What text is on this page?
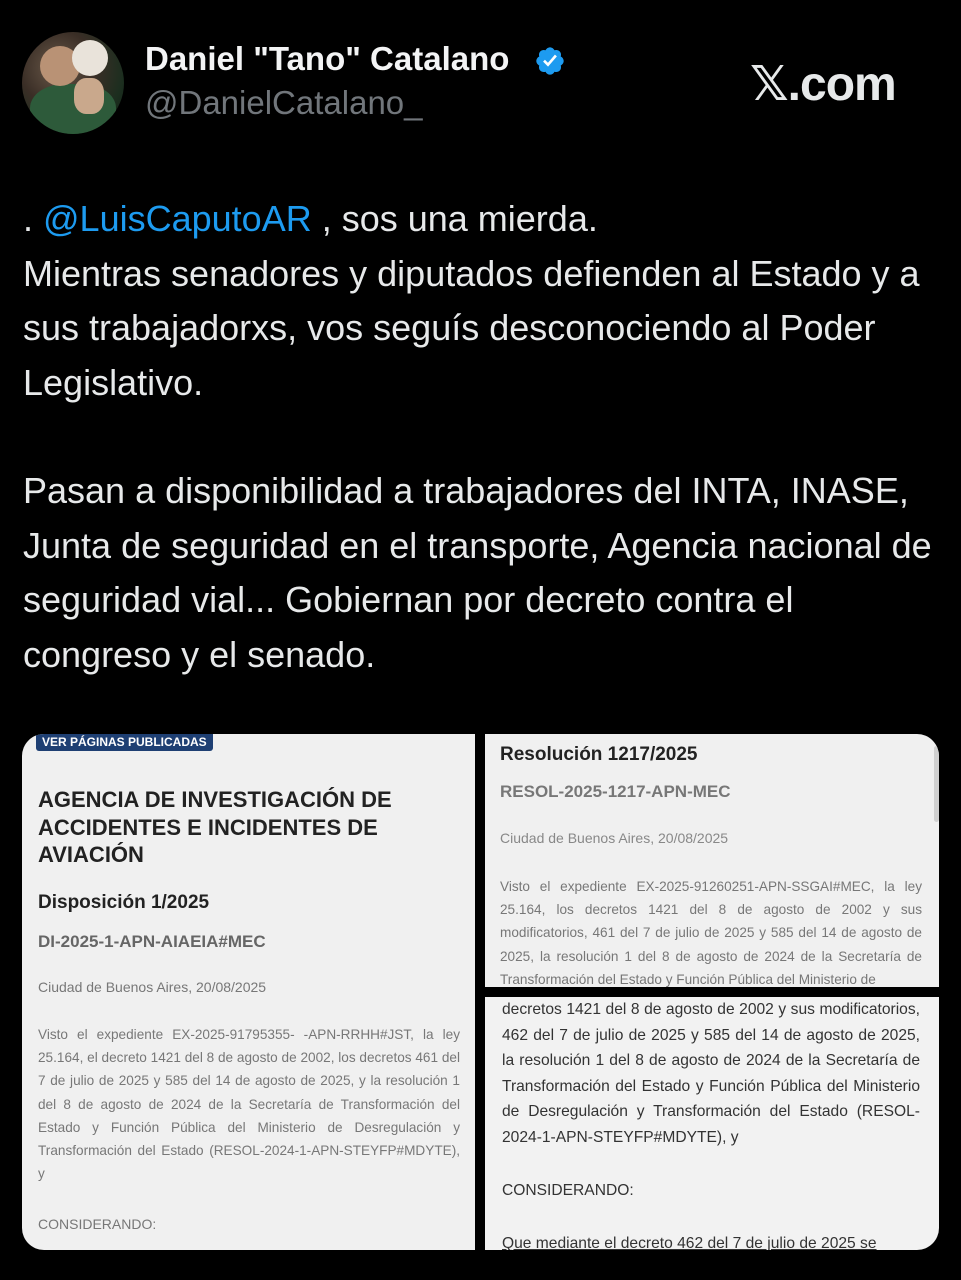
Daniel "Tano" Catalano
@DanielCatalano_	𝕏.com

. @LuisCaputoAR , sos una mierda.

Mientras senadores y diputados defienden al Estado y a sus trabajadorxs, vos seguís desconociendo al Poder Legislativo.

Pasan a disponibilidad a trabajadores del INTA, INASE, Junta de seguridad en el transporte, Agencia nacional de seguridad vial... Gobiernan por decreto contra el congreso y el senado.

VER PÁGINAS PUBLICADAS
AGENCIA DE INVESTIGACIÓN DE ACCIDENTES E INCIDENTES DE AVIACIÓN
Disposición 1/2025
DI-2025-1-APN-AIAEIA#MEC
Ciudad de Buenos Aires, 20/08/2025
Visto el expediente EX-2025-91795355- -APN-RRHH#JST, la ley 25.164, el decreto 1421 del 8 de agosto de 2002, los decretos 461 del 7 de julio de 2025 y 585 del 14 de agosto de 2025, y la resolución 1 del 8 de agosto de 2024 de la Secretaría de Transformación del Estado y Función Pública del Ministerio de Desregulación y Transformación del Estado (RESOL-2024-1-APN-STEYFP#MDYTE), y
CONSIDERANDO:
Resolución 1217/2025
RESOL-2025-1217-APN-MEC
Ciudad de Buenos Aires, 20/08/2025
Visto el expediente EX-2025-91260251-APN-SSGAI#MEC, la ley 25.164, los decretos 1421 del 8 de agosto de 2002 y sus modificatorios, 461 del 7 de julio de 2025 y 585 del 14 de agosto de 2025, la resolución 1 del 8 de agosto de 2024 de la Secretaría de Transformación del Estado y Función Pública del Ministerio de
decretos 1421 del 8 de agosto de 2002 y sus modificatorios, 462 del 7 de julio de 2025 y 585 del 14 de agosto de 2025, la resolución 1 del 8 de agosto de 2024 de la Secretaría de Transformación del Estado y Función Pública del Ministerio de Desregulación y Transformación del Estado (RESOL-2024-1-APN-STEYFP#MDYTE), y
CONSIDERANDO:
Que mediante el decreto 462 del 7 de julio de 2025 se
